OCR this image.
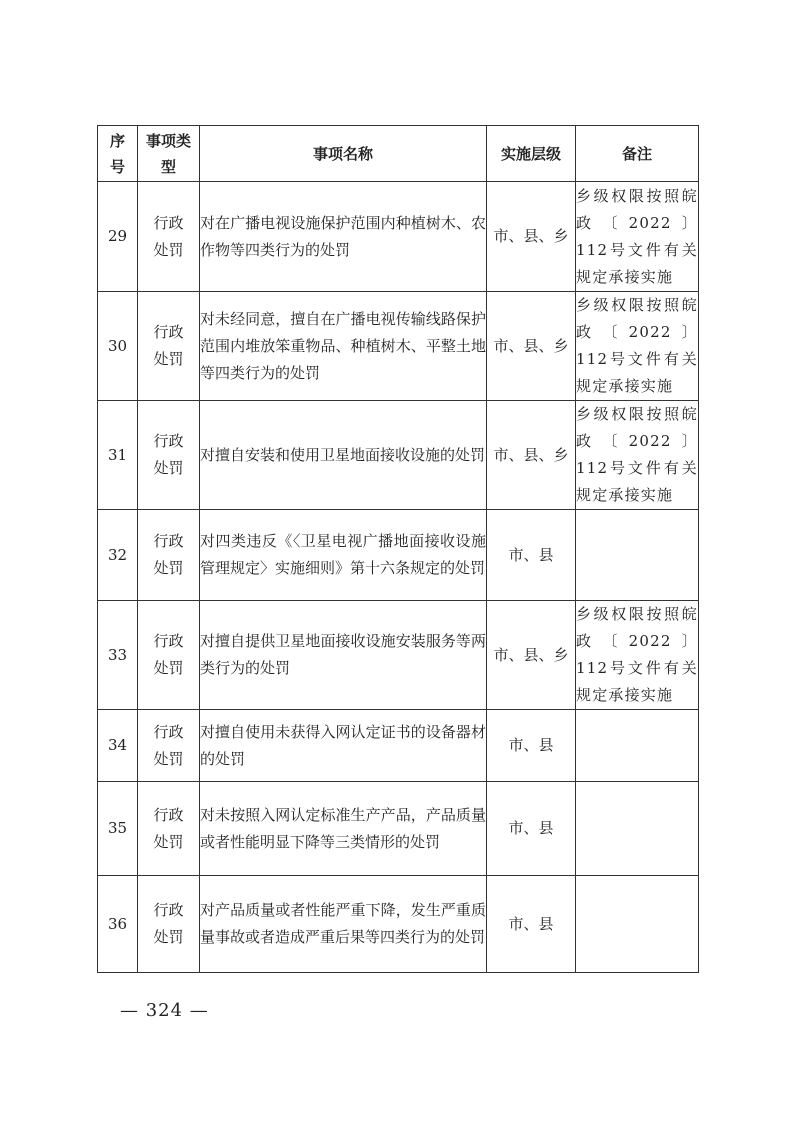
序号	事项类型	事项名称	实施层级	备注
29	行政处罚	对在广播电视设施保护范围内种植树木、农作物等四类行为的处罚	市、县、乡	乡级权限按照皖政〔2022〕112号文件有关规定承接实施
30	行政处罚	对未经同意，擅自在广播电视传输线路保护范围内堆放笨重物品、种植树木、平整土地等四类行为的处罚	市、县、乡	乡级权限按照皖政〔2022〕112号文件有关规定承接实施
31	行政处罚	对擅自安装和使用卫星地面接收设施的处罚	市、县、乡	乡级权限按照皖政〔2022〕112号文件有关规定承接实施
32	行政处罚	对四类违反《〈卫星电视广播地面接收设施管理规定〉实施细则》第十六条规定的处罚	市、县	
33	行政处罚	对擅自提供卫星地面接收设施安装服务等两类行为的处罚	市、县、乡	乡级权限按照皖政〔2022〕112号文件有关规定承接实施
34	行政处罚	对擅自使用未获得入网认定证书的设备器材的处罚	市、县	
35	行政处罚	对未按照入网认定标准生产产品，产品质量或者性能明显下降等三类情形的处罚	市、县	
36	行政处罚	对产品质量或者性能严重下降，发生严重质量事故或者造成严重后果等四类行为的处罚	市、县	
— 324 —
